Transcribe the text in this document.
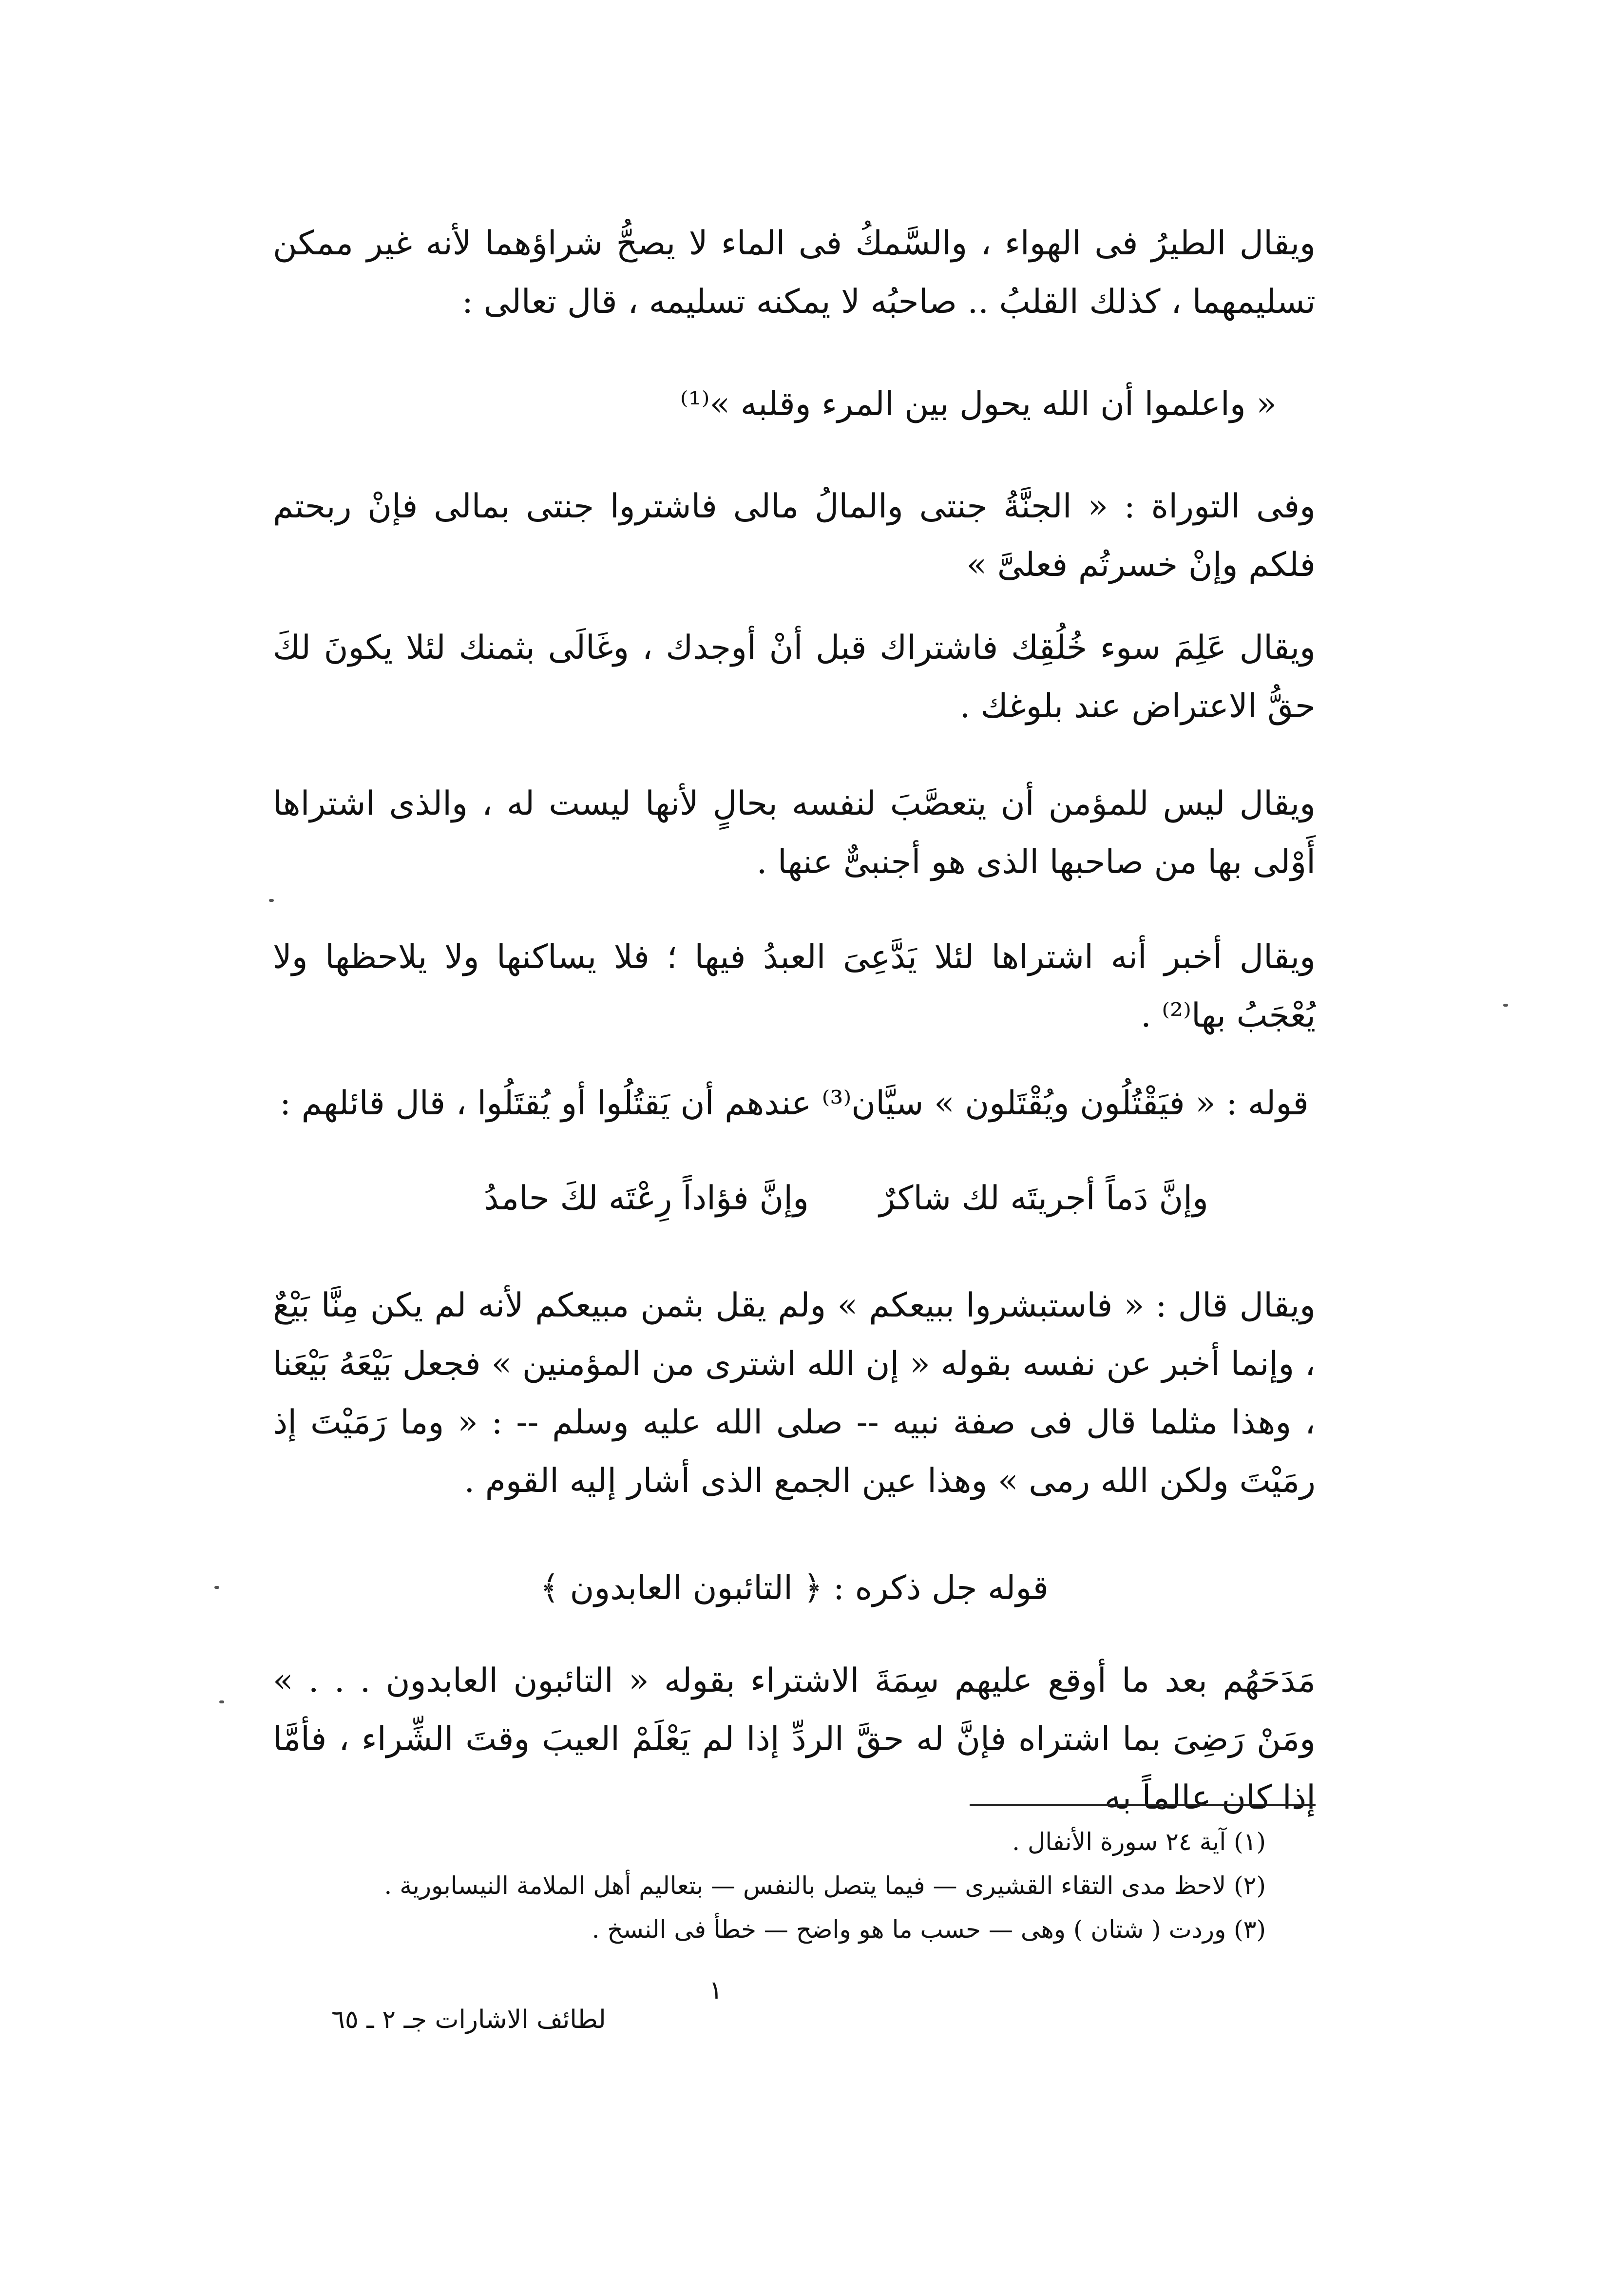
ويقال الطيرُ فى الهواء ، والسَّمكُ فى الماء لا يصحُّ شراؤهما لأنه غير ممكن تسليمهما ، كذلك القلبُ .. صاحبُه لا يمكنه تسليمه ، قال تعالى :
« واعلموا أن الله يحول بين المرء وقلبه »⁽¹⁾
وفى التوراة : « الجنَّةُ جنتى والمالُ مالى فاشتروا جنتى بمالى فإنْ ربحتم فلكم وإنْ خسرتُم فعلىَّ »
ويقال عَلِمَ سوء خُلُقِك فاشتراك قبل أنْ أوجدك ، وغَالَى بثمنك لئلا يكونَ لكَ حقُّ الاعتراض عند بلوغك .
ويقال ليس للمؤمن أن يتعصَّبَ لنفسه بحالٍ لأنها ليست له ، والذى اشتراها أَوْلى بها من صاحبها الذى هو أجنبىٌّ عنها .
ويقال أخبر أنه اشتراها لئلا يَدَّعِىَ العبدُ فيها ؛ فلا يساكنها ولا يلاحظها ولا يُعْجَبُ بها⁽²⁾ .
قوله : « فيَقْتُلُون ويُقْتَلون » سيَّان⁽³⁾ عندهم أن يَقتُلُوا أو يُقتَلُوا ، قال قائلهم :
وإنَّ دَماً أجريتَه لك شاكرٌ
وإنَّ فؤاداً رِعْتَه لكَ حامدُ
ويقال قال : « فاستبشروا ببيعكم » ولم يقل بثمن مبيعكم لأنه لم يكن مِنَّا بَيْعٌ ، وإنما أخبر عن نفسه بقوله « إن الله اشترى من المؤمنين » فجعل بَيْعَهُ بَيْعَنا ، وهذا مثلما قال فى صفة نبيه -- صلى الله عليه وسلم -- : « وما رَمَيْتَ إذ رمَيْتَ ولكن الله رمى » وهذا عين الجمع الذى أشار إليه القوم .
قوله جل ذكره : ﴿ التائبون العابدون ﴾
مَدَحَهُم بعد ما أوقع عليهم سِمَةَ الاشتراء بقوله « التائبون العابدون . . . » ومَنْ رَضِىَ بما اشتراه فإنَّ له حقَّ الردِّ إذا لم يَعْلَمْ العيبَ وقتَ الشِّراء ، فأمَّا إذا كان عالماً به
(١) آية ٢٤ سورة الأنفال .
(٢) لاحظ مدى التقاء القشيرى — فيما يتصل بالنفس — بتعاليم أهل الملامة النيسابورية .
(٣) وردت ( شتان ) وهى — حسب ما هو واضح — خطأ فى النسخ .
١
لطائف الاشارات جـ ٢ ـ ٦٥
